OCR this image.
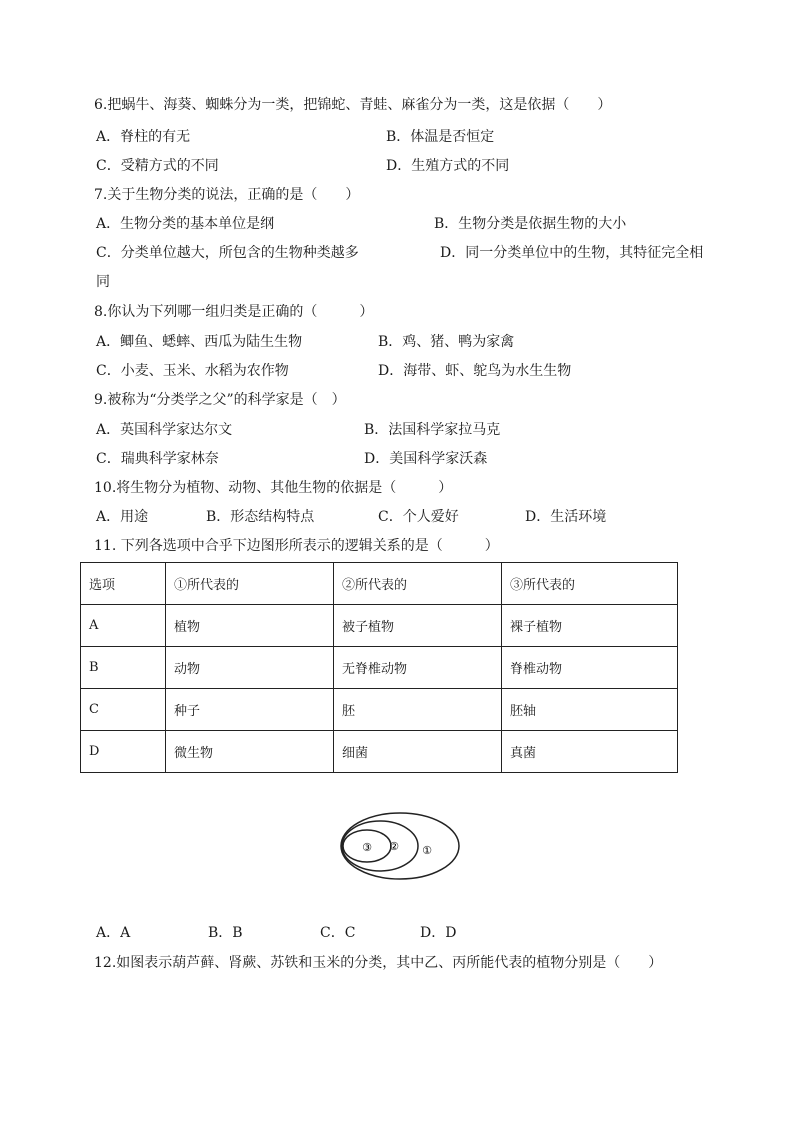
6.把蜗牛、海葵、蜘蛛分为一类，把锦蛇、青蛙、麻雀分为一类，这是依据（　　）
A．脊柱的有无	B．体温是否恒定
C．受精方式的不同	D．生殖方式的不同
7.关于生物分类的说法，正确的是（　　）
A．生物分类的基本单位是纲	B．生物分类是依据生物的大小
C．分类单位越大，所包含的生物种类越多	D．同一分类单位中的生物，其特征完全相
同
8.你认为下列哪一组归类是正确的（　　　）
A．鲫鱼、蟋蟀、西瓜为陆生生物	B．鸡、猪、鸭为家禽
C．小麦、玉米、水稻为农作物	D．海带、虾、鸵鸟为水生生物
9.被称为“分类学之父”的科学家是（　）
A．英国科学家达尔文	B．法国科学家拉马克
C．瑞典科学家林奈	D．美国科学家沃森
10.将生物分为植物、动物、其他生物的依据是（　　　）
A．用途	B．形态结构特点	C．个人爱好	D．生活环境
11. 下列各选项中合乎下边图形所表示的逻辑关系的是（　　　）
选项	①所代表的	②所代表的	③所代表的
A	植物	被子植物	裸子植物
B	动物	无脊椎动物	脊椎动物
C	种子	胚	胚轴
D	微生物	细菌	真菌
③ ② ①
A．A	B．B	C．C	D．D
12.如图表示葫芦藓、肾蕨、苏铁和玉米的分类，其中乙、丙所能代表的植物分别是（　　）
